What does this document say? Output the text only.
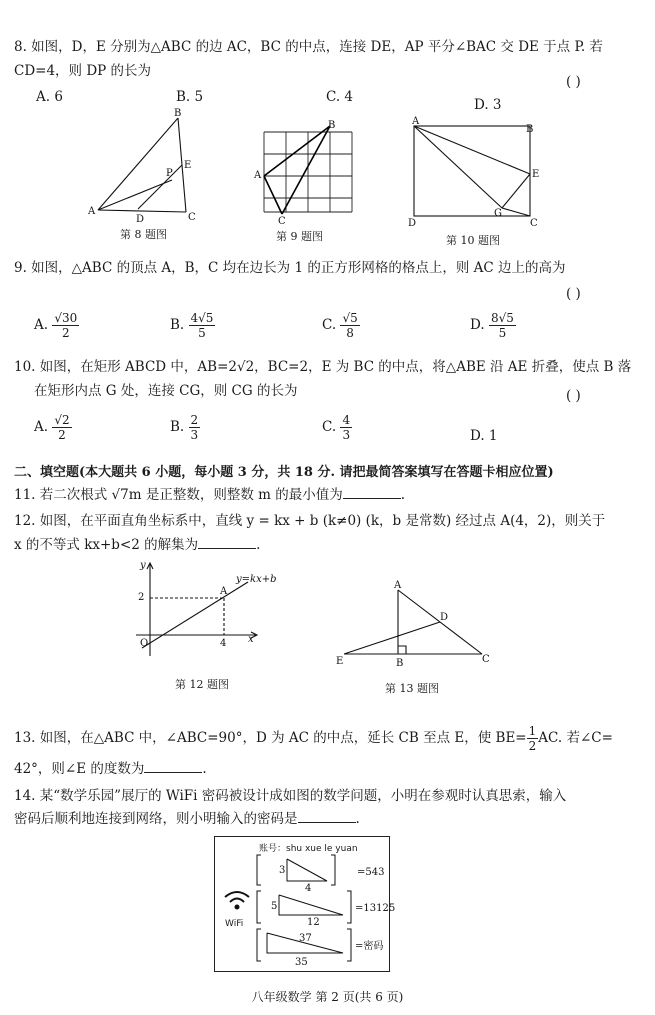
8. 如图，D，E 分别为△ABC 的边 AC，BC 的中点，连接 DE，AP 平分∠BAC 交 DE 于点 P. 若
CD=4，则 DP 的长为
( )
A. 6	B. 5	C. 4	D. 3
A
B
C
D
E
P
第 8 题图
A
B
C
第 9 题图
A
B
C
D
E
G
第 10 题图
9. 如图，△ABC 的顶点 A，B，C 均在边长为 1 的正方形网格的格点上，则 AC 边上的高为
( )
A. $\frac{√30}{2}$	B. $\frac{4√5}{5}$	C. $\frac{√5}{8}$	D. $\frac{8√5}{5}$
10. 如图，在矩形 ABCD 中，AB=2√2，BC=2，E 为 BC 的中点，将△ABE 沿 AE 折叠，使点 B 落
在矩形内点 G 处，连接 CG，则 CG 的长为	( )
A. $\frac{√2}{2}$	B. $\frac{2}{3}$	C. $\frac{4}{3}$	D. 1
二、填空题(本大题共 6 小题，每小题 3 分，共 18 分. 请把最简答案填写在答题卡相应位置)
11. 若二次根式 √7m 是正整数，则整数 m 的最小值为	.
12. 如图，在平面直角坐标系中，直线 y = kx + b (k≠0) (k，b 是常数) 经过点 A(4，2)，则关于
x 的不等式 kx+b<2 的解集为	.
y
2
O	4 x
A
y=kx+b
第 12 题图
A
B	C
D
E
第 13 题图
13. 如图，在△ABC 中，∠ABC=90°，D 为 AC 的中点，延长 CB 至点 E，使 $BE= \frac{1}{2}$ AC. 若∠C=
42°，则∠E 的度数为	.
14. 某“数学乐园”展厅的 WiFi 密码被设计成如图的数学问题，小明在参观时认真思索，输入
密码后顺利地连接到网络，则小明输入的密码是	.
账号：shu xue le yuan
WiFi
3
4
5
12
37
35
=543
=13125
=密码
八年级数学 第 2 页(共 6 页)
